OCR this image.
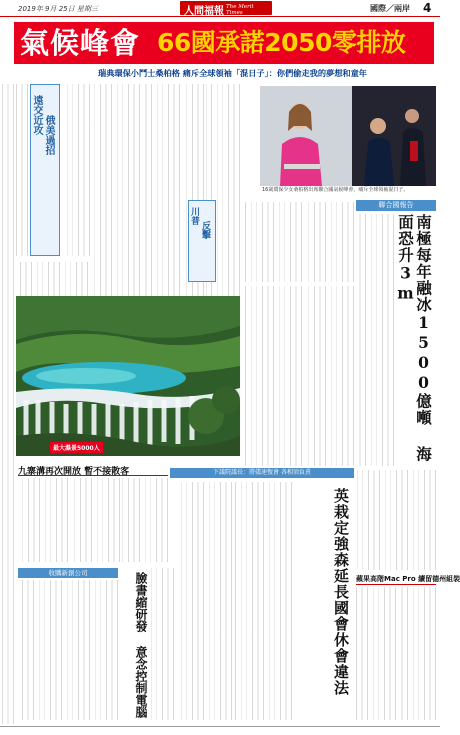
2019年 9月 25日 星期三	人間福報 The Merit Times	國際／兩岸 4
氣候峰會 66國承諾2050零排放
瑞典環保小鬥士桑柏格 痛斥全球領袖「混日子」：你們偷走我的夢想和童年
遠交近攻 俄美過招
川普
反擊
16歲環保少女桑柏格出席聯合國氣候峰會，痛斥全球領袖混日子。
聯合國報告
南極每年融冰1500億噸 海面恐升3m
最大瀑景5000人
九寨溝再次開放 暫不接散客
收購新創公司	臉書縮研發 意念控制電腦
下議院議長：將儘速復會 各相須負責
英栽定強森延長國會休會違法 蘋果高階Mac Pro 續留德州組裝
